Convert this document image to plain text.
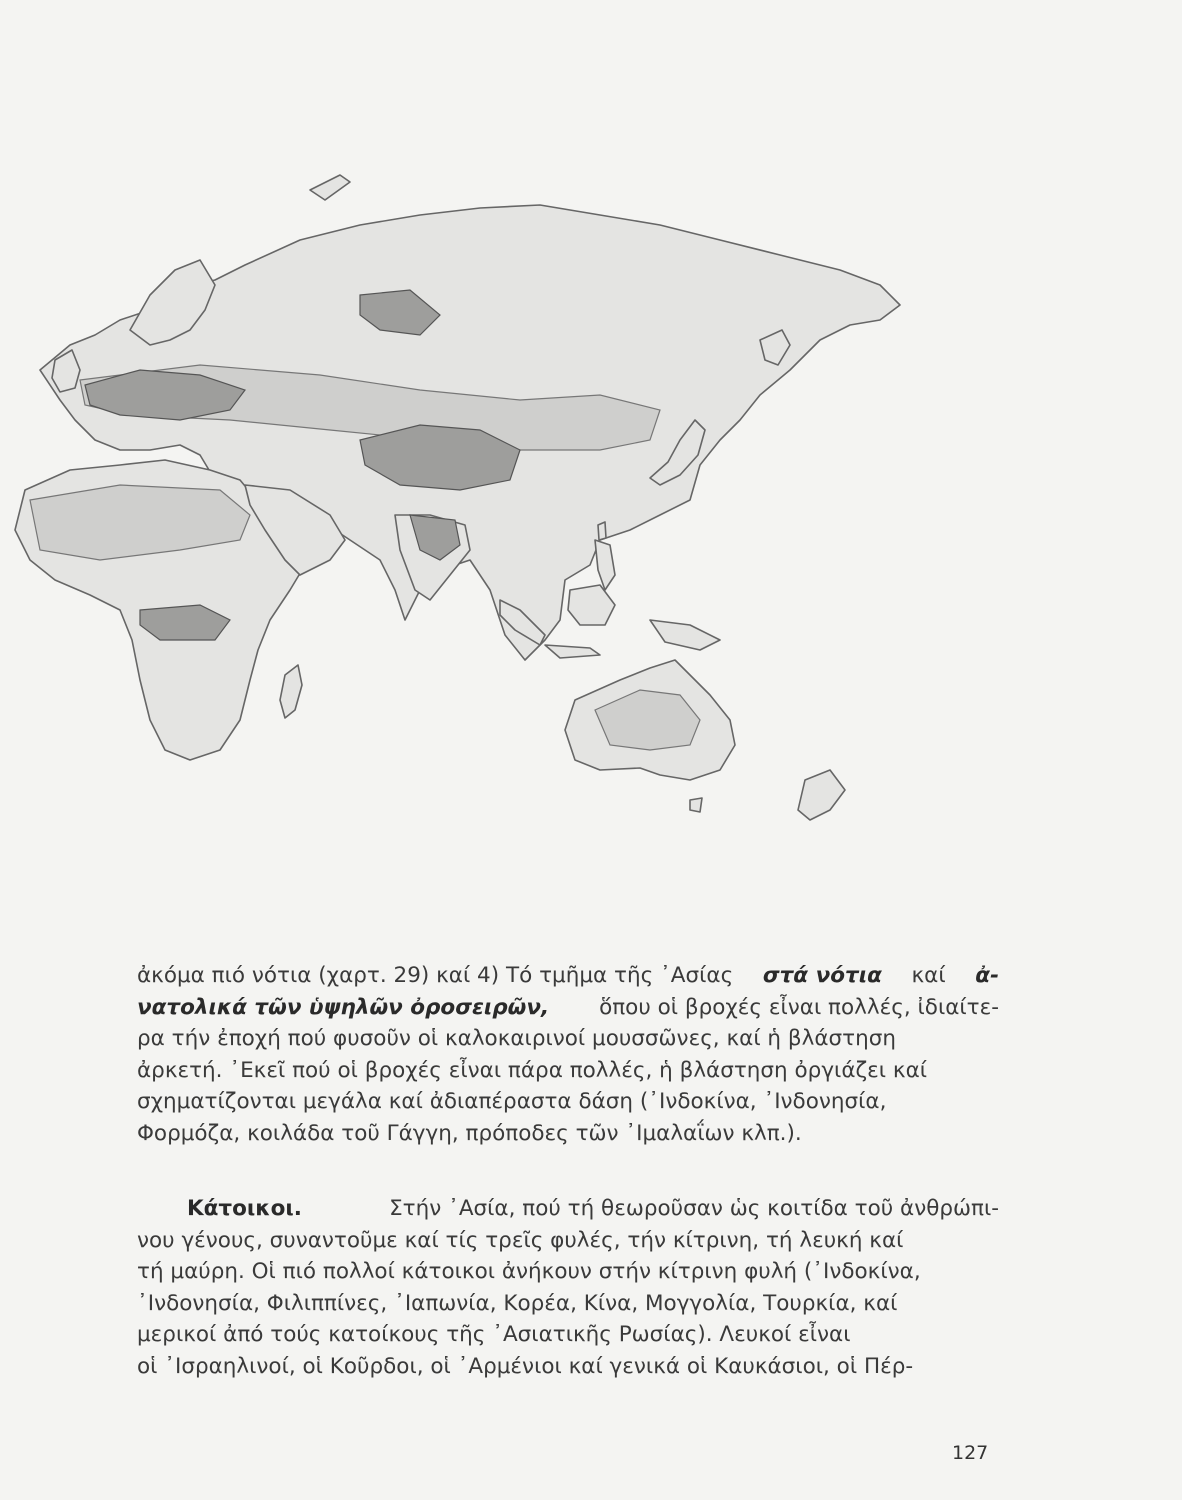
ἀκόμα πιό νότια (χαρτ. 29) καί 4) Τό τμῆμα τῆς ᾿Ασίας στά νότια καί ἀ-
νατολικά τῶν ὑψηλῶν ὀροσειρῶν, ὅπου οἱ βροχές εἶναι πολλές, ἰδιαίτε-
ρα τήν ἐποχή πού φυσοῦν οἱ καλοκαιρινοί μουσσῶνες, καί ἡ βλάστηση
ἀρκετή. ᾿Εκεῖ πού οἱ βροχές εἶναι πάρα πολλές, ἡ βλάστηση ὀργιάζει καί
σχηματίζονται μεγάλα καί ἀδιαπέραστα δάση (᾿Ινδοκίνα, ᾿Ινδονησία,
Φορμόζα, κοιλάδα τοῦ Γάγγη, πρόποδες τῶν ᾿Ιμαλαΐων κλπ.).
Κάτοικοι.	Στήν ᾿Ασία, πού τή θεωροῦσαν ὡς κοιτίδα τοῦ ἀνθρώπι-
νου γένους, συναντοῦμε καί τίς τρεῖς φυλές, τήν κίτρινη, τή λευκή καί
τή μαύρη. Οἱ πιό πολλοί κάτοικοι ἀνήκουν στήν κίτρινη φυλή (᾿Ινδοκίνα,
᾿Ινδονησία, Φιλιππίνες, ᾿Ιαπωνία, Κορέα, Κίνα, Μογγολία, Τουρκία, καί
μερικοί ἀπό τούς κατοίκους τῆς ᾿Ασιατικῆς Ρωσίας). Λευκοί εἶναι
οἱ ᾿Ισραηλινοί, οἱ Κοῦρδοι, οἱ ᾿Αρμένιοι καί γενικά οἱ Καυκάσιοι, οἱ Πέρ-
127
